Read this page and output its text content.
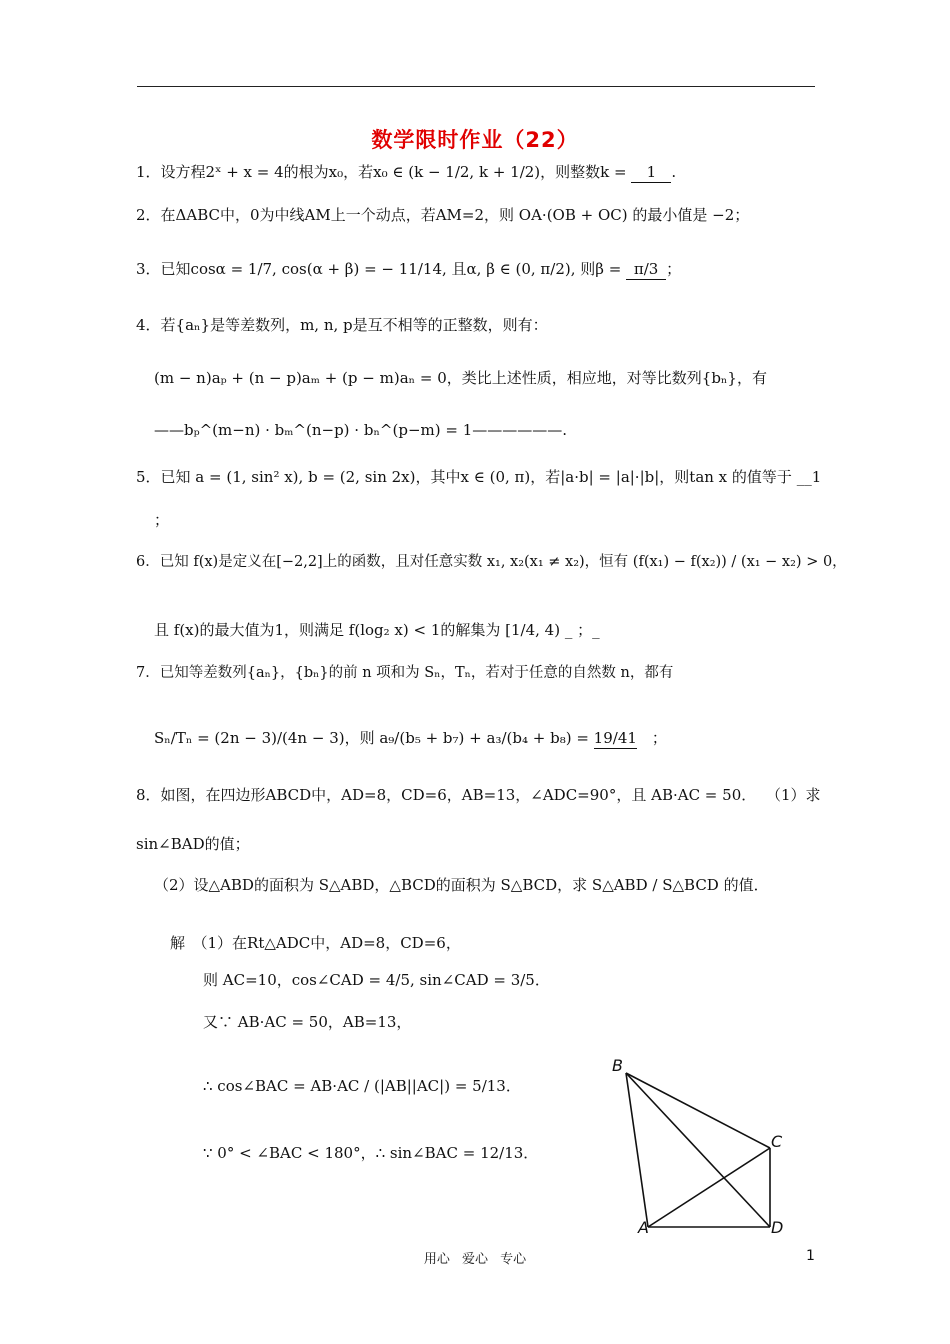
数学限时作业（22）
1．设方程2ˣ + x = 4的根为x₀，若x₀ ∈ (k − 1/2, k + 1/2)，则整数k = 1 .
2．在ΔABC中，0为中线AM上一个动点，若AM=2，则 OA·(OB + OC) 的最小值是 −2；
3．已知cosα = 1/7, cos(α + β) = − 11/14, 且α, β ∈ (0, π/2), 则β = π/3 ；
4．若{aₙ}是等差数列，m, n, p是互不相等的正整数，则有：
(m − n)aₚ + (n − p)aₘ + (p − m)aₙ = 0，类比上述性质，相应地，对等比数列{bₙ}，有
——bₚ^(m−n) · bₘ^(n−p) · bₙ^(p−m) = 1——————.
5．已知 a = (1, sin² x), b = (2, sin 2x)，其中x ∈ (0, π)，若|a·b| = |a|·|b|，则tan x 的值等于 __1
；
6．已知 f(x)是定义在[−2,2]上的函数，且对任意实数 x₁, x₂(x₁ ≠ x₂)，恒有 (f(x₁) − f(x₂)) / (x₁ − x₂) > 0，
且 f(x)的最大值为1，则满足 f(log₂ x) < 1的解集为 [1/4, 4) _ ；_
7．已知等差数列{aₙ}，{bₙ}的前 n 项和为 Sₙ，Tₙ，若对于任意的自然数 n，都有
Sₙ/Tₙ = (2n − 3)/(4n − 3)，则 a₉/(b₅ + b₇) + a₃/(b₄ + b₈) = 19/41　；
8．如图，在四边形ABCD中，AD=8，CD=6，AB=13，∠ADC=90°，且 AB·AC = 50． （1）求
sin∠BAD的值；
（2）设△ABD的面积为 S△ABD，△BCD的面积为 S△BCD，求 S△ABD / S△BCD 的值．
解　（1）在Rt△ADC中，AD=8，CD=6，
则 AC=10，cos∠CAD = 4/5, sin∠CAD = 3/5．
又∵ AB·AC = 50，AB=13，
∴ cos∠BAC = AB·AC / (|AB||AC|) = 5/13．
∵ 0° < ∠BAC < 180°，∴ sin∠BAC = 12/13．
B
C
A	D
用心 爱心 专心	1
